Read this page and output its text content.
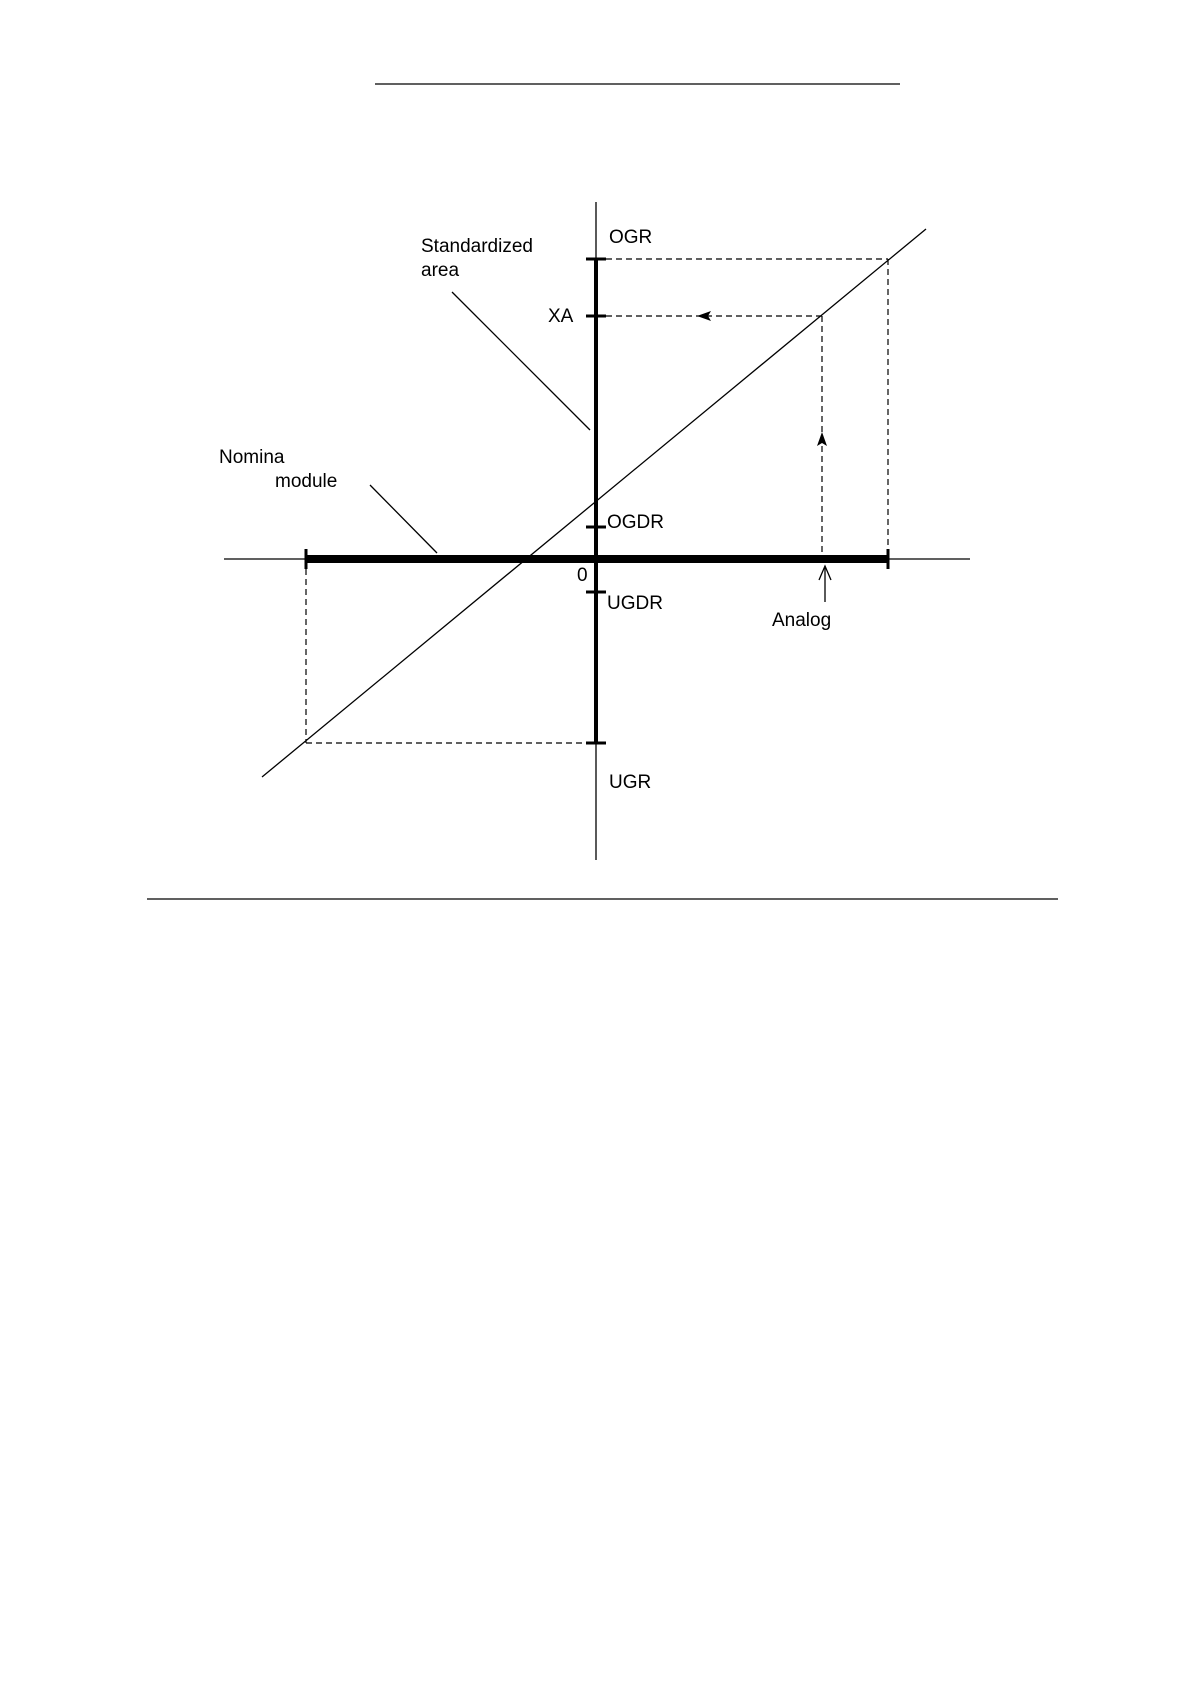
Standardized
area
OGR
XA
Nomina
module
OGDR
0
UGDR
Analog
UGR
